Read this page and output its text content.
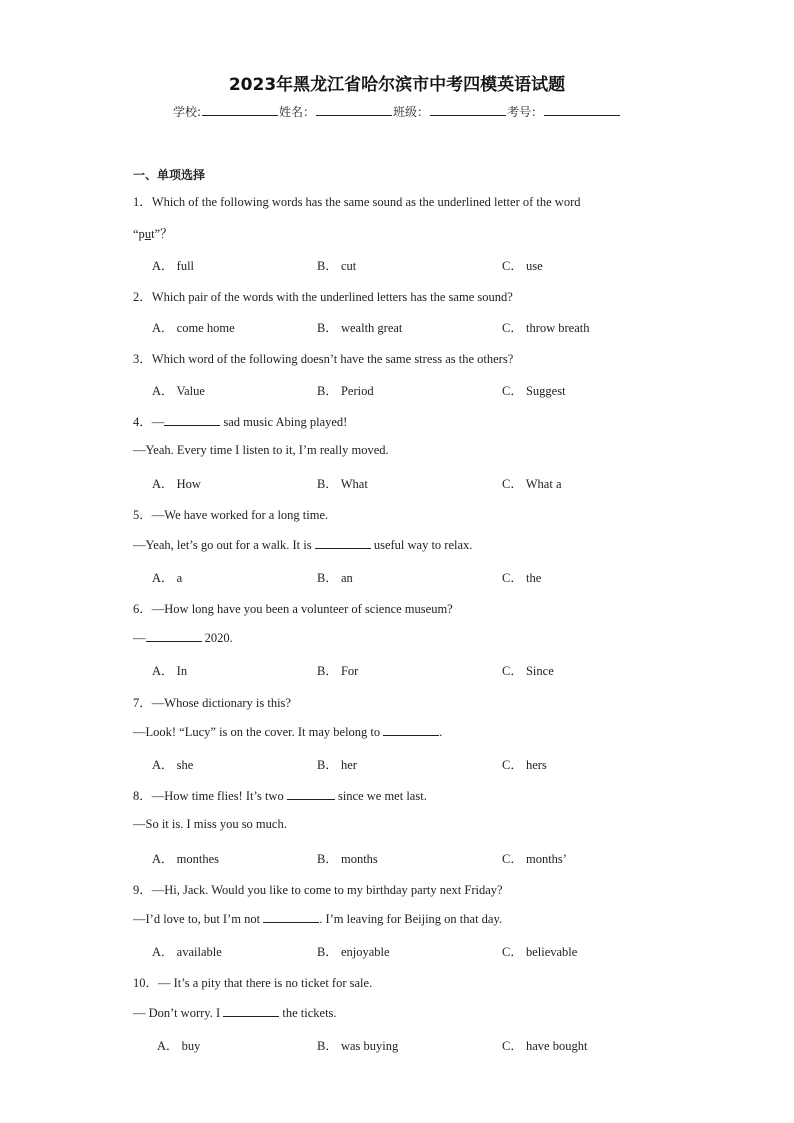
2023年黑龙江省哈尔滨市中考四模英语试题
学校:	姓名：	班级：	考号：
一、单项选择
1．Which of the following words has the same sound as the underlined letter of the word
“put”？
A． full	B． cut	C． use
2．Which pair of the words with the underlined letters has the same sound?
A． come home	B． wealth great	C． throw breath
3．Which word of the following doesn’t have the same stress as the others?
A． Value	B． Period	C． Suggest
4．—	sad music Abing played!
—Yeah. Every time I listen to it, I’m really moved.
A． How	B． What	C． What a
5．—We have worked for a long time.
—Yeah, let’s go out for a walk. It is	useful way to relax.
A． a	B． an	C． the
6．—How long have you been a volunteer of science museum?
—	2020.
A． In	B． For	C． Since
7．—Whose dictionary is this?
—Look! “Lucy” is on the cover. It may belong to	.
A． she	B． her	C． hers
8．—How time flies! It’s two	since we met last.
—So it is. I miss you so much.
A． monthes	B． months	C． months’
9．—Hi, Jack. Would you like to come to my birthday party next Friday?
—I’d love to, but I’m not	. I’m leaving for Beijing on that day.
A． available	B． enjoyable	C． believable
10．— It’s a pity that there is no ticket for sale.
— Don’t worry. I	the tickets.
A． buy	B． was buying	C． have bought
